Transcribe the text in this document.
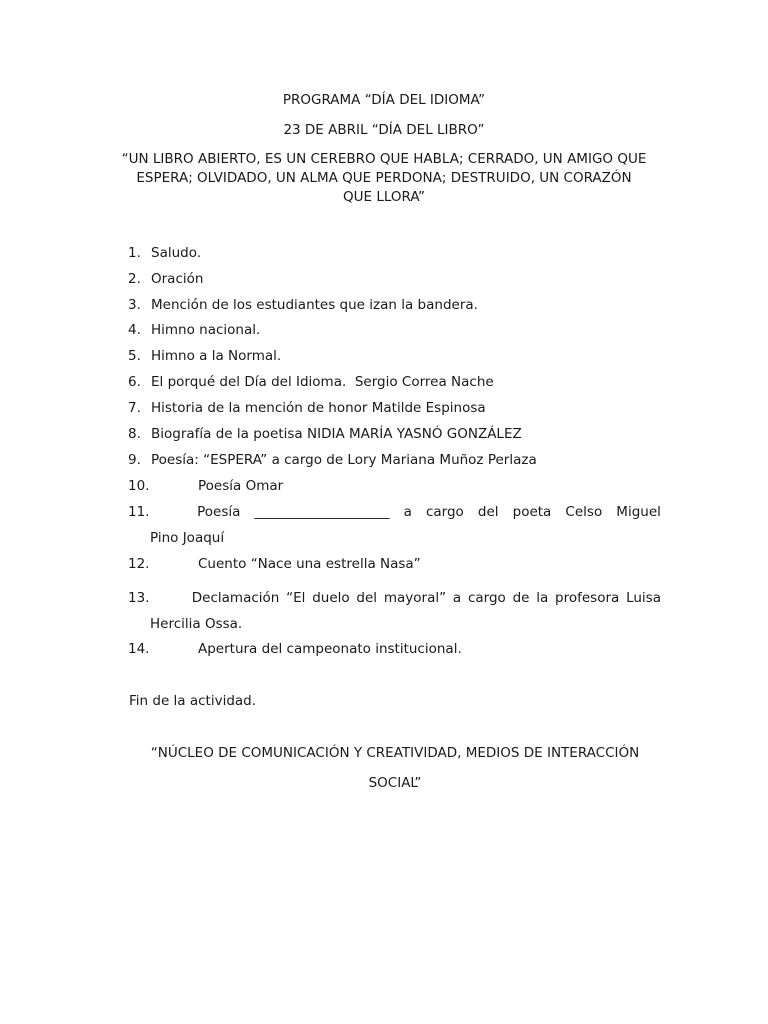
PROGRAMA “DÍA DEL IDIOMA”
23 DE ABRIL “DÍA DEL LIBRO”
“UN LIBRO ABIERTO, ES UN CEREBRO QUE HABLA; CERRADO, UN AMIGO QUE
ESPERA; OLVIDADO, UN ALMA QUE PERDONA; DESTRUIDO, UN CORAZÓN
QUE LLORA”
1. Saludo.
2. Oración
3. Mención de los estudiantes que izan la bandera.
4. Himno nacional.
5. Himno a la Normal.
6. El porqué del Día del Idioma.  Sergio Correa Nache
7. Historia de la mención de honor Matilde Espinosa
8. Biografía de la poetisa NIDIA MARÍA YASNÓ GONZÁLEZ
9. Poesía: “ESPERA” a cargo de Lory Mariana Muñoz Perlaza
10.	Poesía Omar
11.	Poesía ____________________ a cargo del poeta Celso Miguel
Pino Joaquí
12.	Cuento “Nace una estrella Nasa”
13.	Declamación “El duelo del mayoral” a cargo de la profesora Luisa
Hercilia Ossa.
14.	Apertura del campeonato institucional.
Fin de la actividad.
“NÚCLEO DE COMUNICACIÓN Y CREATIVIDAD, MEDIOS DE INTERACCIÓN
SOCIAL”
